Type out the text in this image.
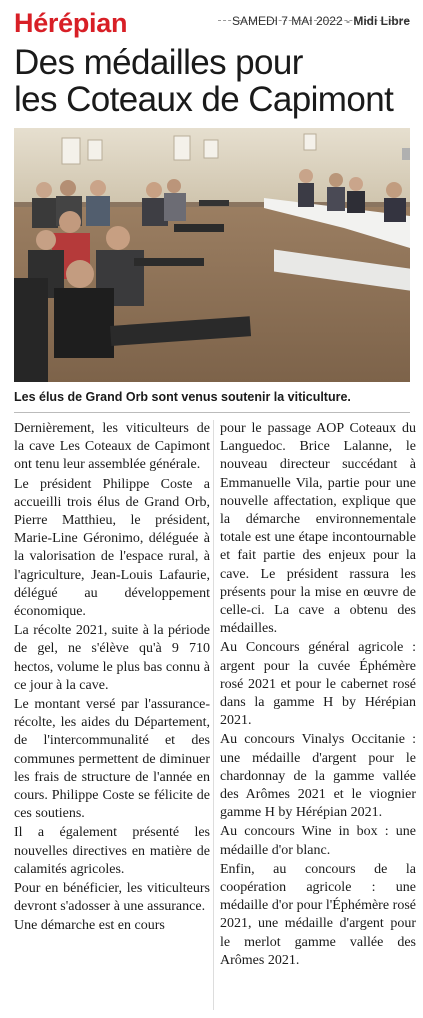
Hérépian	SAMEDI 7 MAI 2022 - Midi Libre
Des médailles pour
les Coteaux de Capimont
Les élus de Grand Orb sont venus soutenir la viticulture.

Dernièrement, les viticulteurs de la cave Les Coteaux de Capimont ont tenu leur assemblée générale.

Le président Philippe Coste a accueilli trois élus de Grand Orb, Pierre Matthieu, le président, Marie-Line Géronimo, déléguée à la valorisation de l'espace rural, à l'agriculture, Jean-Louis Lafaurie, délégué au développement économique.

La récolte 2021, suite à la période de gel, ne s'élève qu'à 9 710 hectos, volume le plus bas connu à ce jour à la cave.

Le montant versé par l'assurance-récolte, les aides du Département, de l'intercommunalité et des communes permettent de diminuer les frais de structure de l'année en cours. Philippe Coste se félicite de ces soutiens.

Il a également présenté les nouvelles directives en matière de calamités agricoles.

Pour en bénéficier, les viticulteurs devront s'adosser à une assurance.

Une démarche est en cours

pour le passage AOP Coteaux du Languedoc. Brice Lalanne, le nouveau directeur succédant à Emmanuelle Vila, partie pour une nouvelle affectation, explique que la démarche environnementale totale est une étape incontournable et fait partie des enjeux pour la cave. Le président rassura les présents pour la mise en œuvre de celle-ci. La cave a obtenu des médailles.

Au Concours général agricole : argent pour la cuvée Éphémère rosé 2021 et pour le cabernet rosé dans la gamme H by Hérépian 2021.

Au concours Vinalys Occitanie : une médaille d'argent pour le chardonnay de la gamme vallée des Arômes 2021 et le viognier gamme H by Hérépian 2021.

Au concours Wine in box : une médaille d'or blanc.

Enfin, au concours de la coopération agricole : une médaille d'or pour l'Éphémère rosé 2021, une médaille d'argent pour le merlot gamme vallée des Arômes 2021.
